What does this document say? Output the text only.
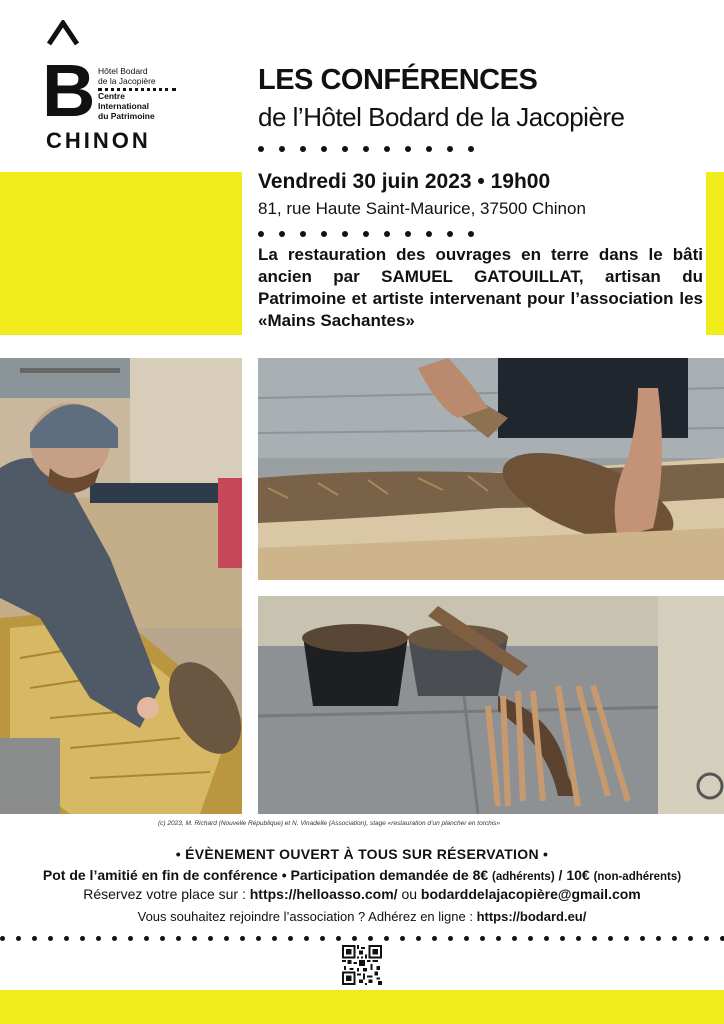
B Hôtel Bodard
de la Jacopière
Centre
International
du Patrimoine
CHINON
LES CONFÉRENCES
de l’Hôtel Bodard de la Jacopière
Vendredi 30 juin 2023 • 19h00
81, rue Haute Saint-Maurice, 37500 Chinon
La restauration des ouvrages en terre dans le bâti ancien par SAMUEL GATOUILLAT, artisan du Patrimoine et artiste intervenant pour l’association les «Mains Sachantes»
(c) 2023, M. Richard (Nouvelle République) et N. Vinadelle (Association), stage «restauration d’un plancher en torchis»
• ÉVÈNEMENT OUVERT À TOUS SUR RÉSERVATION •
Pot de l’amitié en fin de conférence • Participation demandée de 8€ (adhérents) / 10€ (non-adhérents)
Réservez votre place sur : https://helloasso.com/ ou bodarddelajacopière@gmail.com
Vous souhaitez rejoindre l’association ? Adhérez en ligne : https://bodard.eu/
